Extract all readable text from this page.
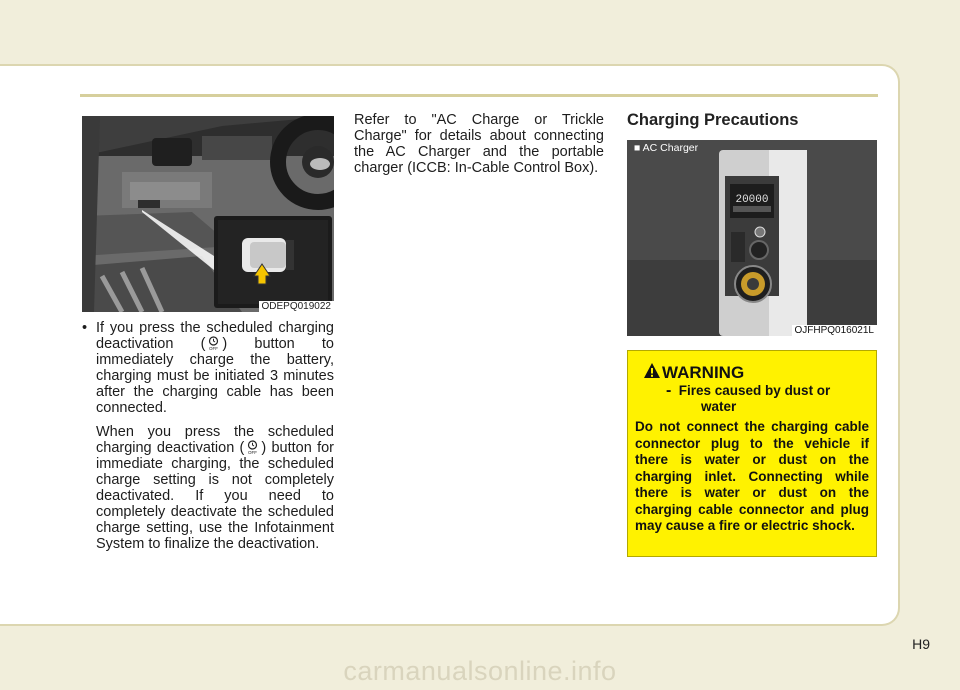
ODEPQ019022

• If you press the scheduled charging deactivation ( OFF ) button to immediately charge the battery, charging must be initiated 3 minutes after the charging cable has been connected.

When you press the scheduled charging deactivation ( OFF ) button for immediate charging, the scheduled charge setting is not completely deactivated. If you need to completely deactivate the scheduled charge setting, use the Infotainment System to finalize the deactivation.

Refer to "AC Charge or Trickle Charge" for details about connecting the AC Charger and the portable charger (ICCB: In-Cable Control Box).

Charging Precautions
20000
■ AC Charger
OJFHPQ016021L
WARNING
- Fires caused by dust or
water
Do not connect the charging cable connector plug to the vehicle if there is water or dust on the charging inlet. Connecting while there is water or dust on the charging cable connector and plug may cause a fire or electric shock.
H9
carmanualsonline.info
